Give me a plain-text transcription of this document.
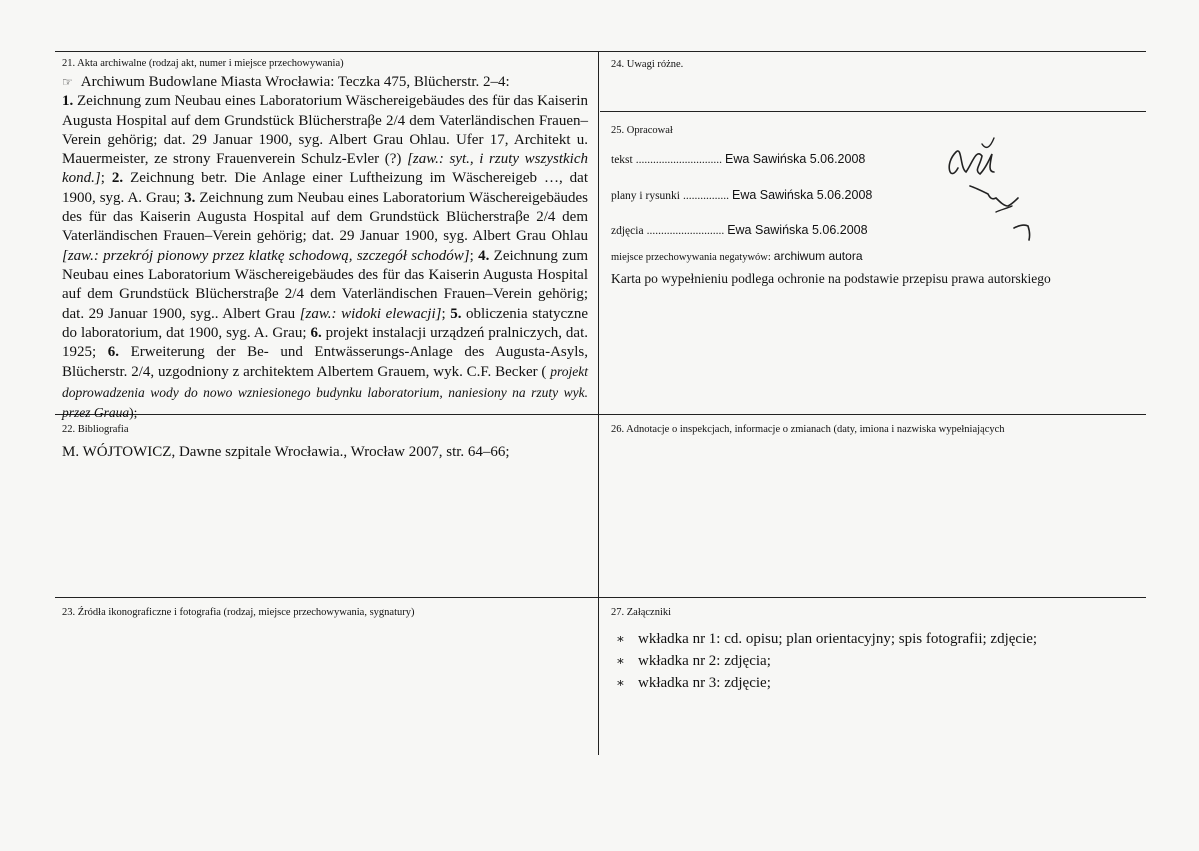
21. Akta archiwalne (rodzaj akt, numer i miejsce przechowywania)
☞ Archiwum Budowlane Miasta Wrocławia: Teczka 475, Blücherstr. 2–4:
1. Zeichnung zum Neubau eines Laboratorium Wäschereigebäudes des für das Kaiserin Augusta Hospital auf dem Grundstück Blücherstraβe 2/4 dem Vaterländischen Frauen–Verein gehörig; dat. 29 Januar 1900, syg. Albert Grau Ohlau. Ufer 17, Architekt u. Mauermeister, ze strony Frauenverein Schulz-Evler (?) [zaw.: syt., i rzuty wszystkich kond.]; 2. Zeichnung betr. Die Anlage einer Luftheizung im Wäschereigeb …, dat 1900, syg. A. Grau; 3. Zeichnung zum Neubau eines Laboratorium Wäschereigebäudes des für das Kaiserin Augusta Hospital auf dem Grundstück Blücherstraβe 2/4 dem Vaterländischen Frauen–Verein gehörig; dat. 29 Januar 1900, syg. Albert Grau Ohlau [zaw.: przekrój pionowy przez klatkę schodową, szczegół schodów]; 4. Zeichnung zum Neubau eines Laboratorium Wäschereigebäudes des für das Kaiserin Augusta Hospital auf dem Grundstück Blücherstraβe 2/4 dem Vaterländischen Frauen–Verein gehörig; dat. 29 Januar 1900, syg.. Albert Grau [zaw.: widoki elewacji]; 5. obliczenia statyczne do laboratorium, dat 1900, syg. A. Grau; 6. projekt instalacji urządzeń pralniczych, dat. 1925; 6. Erweiterung der Be- und Entwässerungs-Anlage des Augusta-Asyls, Blücherstr. 2/4, uzgodniony z architektem Albertem Grauem, wyk. C.F. Becker ( projekt doprowadzenia wody do nowo wzniesionego budynku laboratorium, naniesiony na rzuty wyk. przez Graua);
22. Bibliografia
M. WÓJTOWICZ, Dawne szpitale Wrocławia., Wrocław 2007, str. 64–66;
23. Źródła ikonograficzne i fotografia (rodzaj, miejsce przechowywania, sygnatury)
24. Uwagi różne.
25. Opracował
tekst .............................. Ewa Sawińska 5.06.2008
plany i rysunki ................ Ewa Sawińska 5.06.2008
zdjęcia ........................... Ewa Sawińska 5.06.2008
miejsce przechowywania negatywów: archiwum autora
Karta po wypełnieniu podlega ochronie na podstawie przepisu prawa autorskiego
26. Adnotacje o inspekcjach, informacje o zmianach (daty, imiona i nazwiska wypełniających
27. Załączniki
∗ wkładka nr 1: cd. opisu; plan orientacyjny; spis fotografii; zdjęcie;
∗ wkładka nr 2: zdjęcia;
∗ wkładka nr 3: zdjęcie;
